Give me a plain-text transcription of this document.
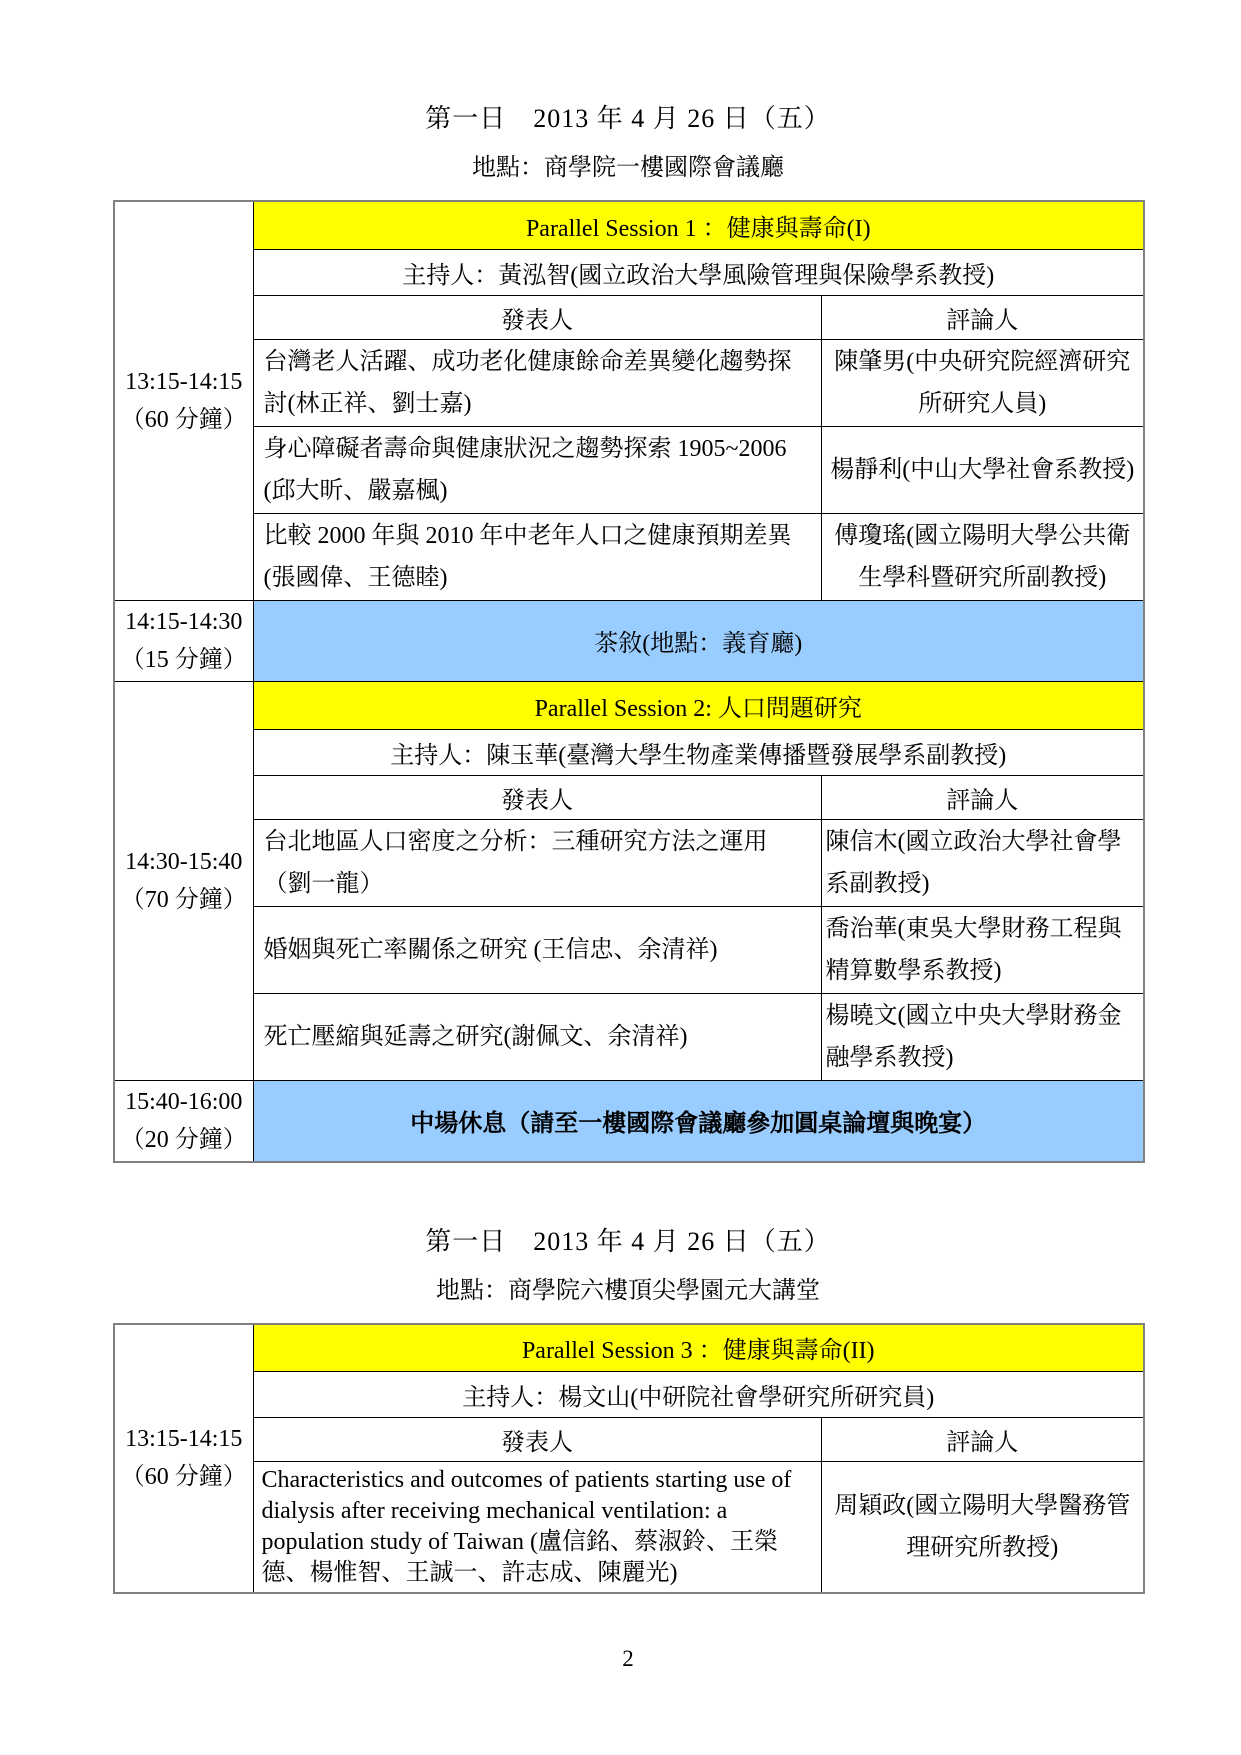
第一日　2013 年 4 月 26 日（五）
地點：商學院一樓國際會議廳
13:15-14:15
（60 分鐘）	Parallel Session 1 ：健康與壽命(I)	
	主持人：黃泓智(國立政治大學風險管理與保險學系教授)	
	發表人	評論人
	台灣老人活躍、成功老化健康餘命差異變化趨勢探討(林正祥、劉士嘉)	陳肇男(中央研究院經濟研究所研究人員)
	身心障礙者壽命與健康狀況之趨勢探索 1905~2006 (邱大昕、嚴嘉楓)	楊靜利(中山大學社會系教授)
	比較 2000 年與 2010 年中老年人口之健康預期差異 (張國偉、王德睦)	傅瓊瑤(國立陽明大學公共衛生學科暨研究所副教授)

14:15-14:30
（15 分鐘）	茶敘(地點：義育廳)	

14:30-15:40
（70 分鐘）	Parallel Session 2: 人口問題研究	
	主持人：陳玉華(臺灣大學生物產業傳播暨發展學系副教授)	
	發表人	評論人
	台北地區人口密度之分析：三種研究方法之運用（劉一龍）	陳信木(國立政治大學社會學系副教授)
	婚姻與死亡率關係之研究 (王信忠、余清祥)	喬治華(東吳大學財務工程與精算數學系教授)
	死亡壓縮與延壽之研究(謝佩文、余清祥)	楊曉文(國立中央大學財務金融學系教授)

15:40-16:00
（20 分鐘）	中場休息（請至一樓國際會議廳參加圓桌論壇與晚宴）	
第一日　2013 年 4 月 26 日（五）
地點：商學院六樓頂尖學園元大講堂
13:15-14:15
（60 分鐘）	Parallel Session 3 ：健康與壽命(II)	
	主持人：楊文山(中研院社會學研究所研究員)	
	發表人	評論人
	Characteristics and outcomes of patients starting use of dialysis after receiving mechanical ventilation: a population study of Taiwan (盧信銘、蔡淑鈴、王榮德、楊惟智、王誠一、許志成、陳麗光)	周穎政(國立陽明大學醫務管理研究所教授)
2
